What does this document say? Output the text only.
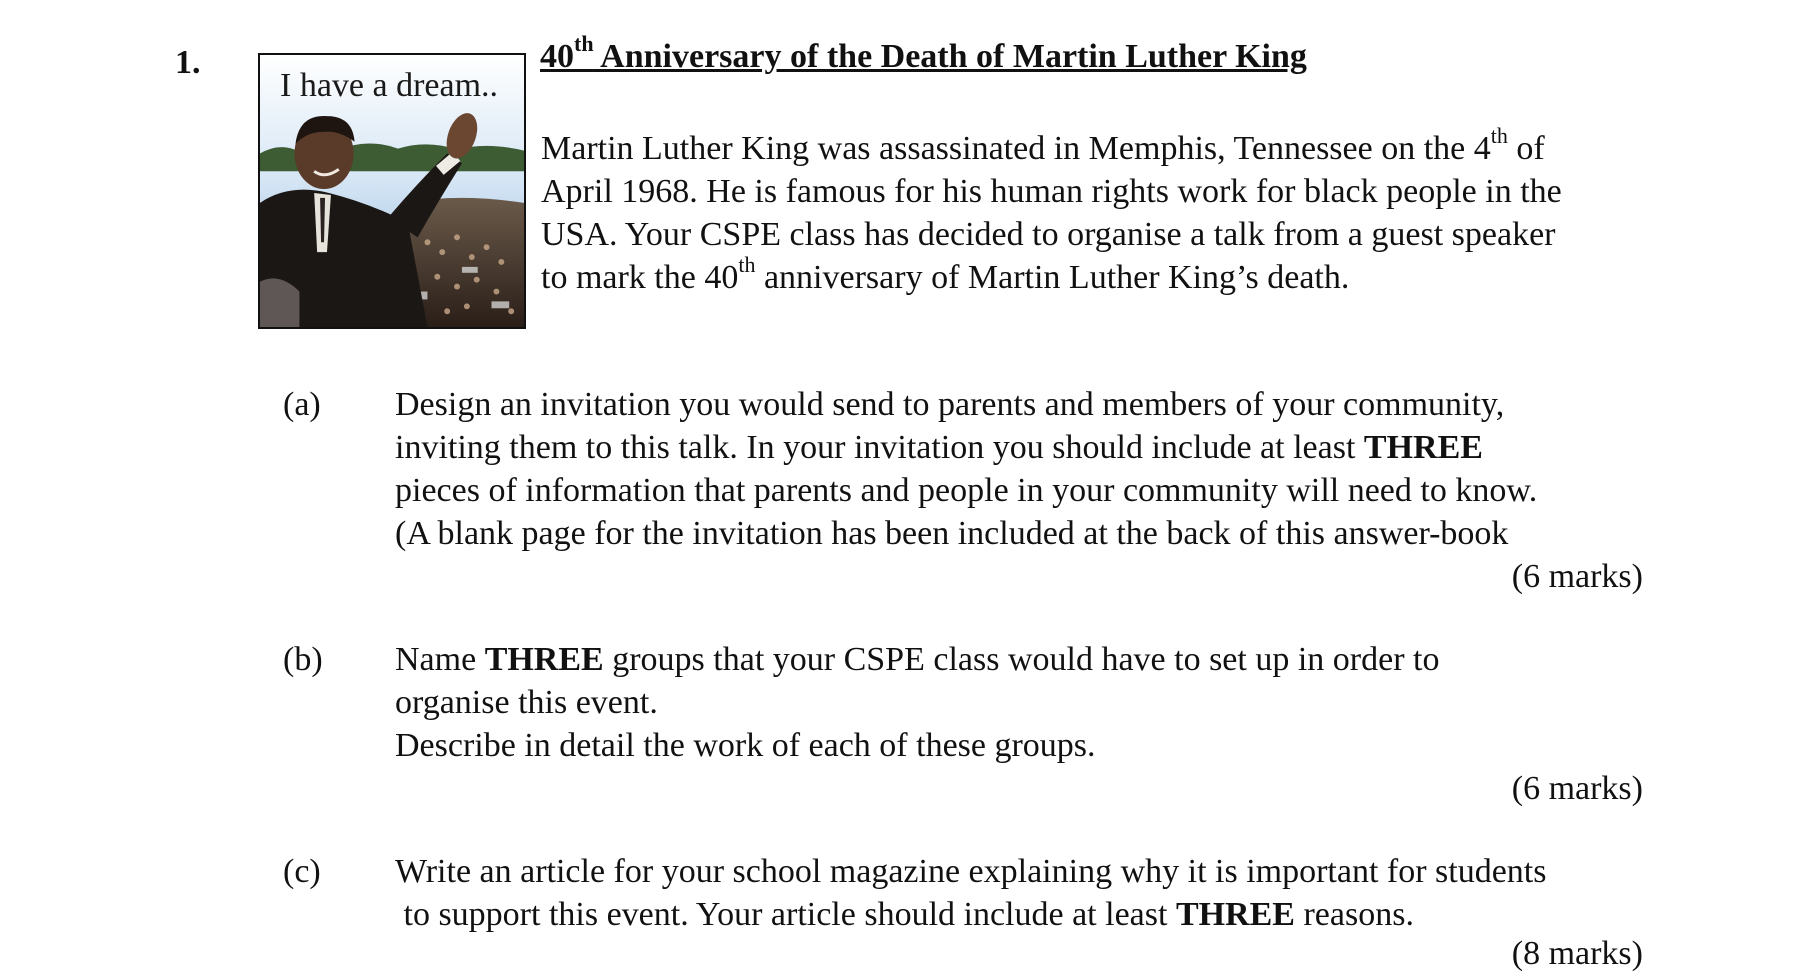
1.
I have a dream..
40th Anniversary of the Death of Martin Luther King
Martin Luther King was assassinated in Memphis, Tennessee on the 4th of
April 1968. He is famous for his human rights work for black people in the
USA. Your CSPE class has decided to organise a talk from a guest speaker
to mark the 40th anniversary of Martin Luther King’s death.
(a) Design an invitation you would send to parents and members of your community,
inviting them to this talk. In your invitation you should include at least THREE
pieces of information that parents and people in your community will need to know.
(A blank page for the invitation has been included at the back of this answer-book
(6 marks)
(b) Name THREE groups that your CSPE class would have to set up in order to
organise this event.
Describe in detail the work of each of these groups.
(6 marks)
(c) Write an article for your school magazine explaining why it is important for students
to support this event. Your article should include at least THREE reasons.
(8 marks)
